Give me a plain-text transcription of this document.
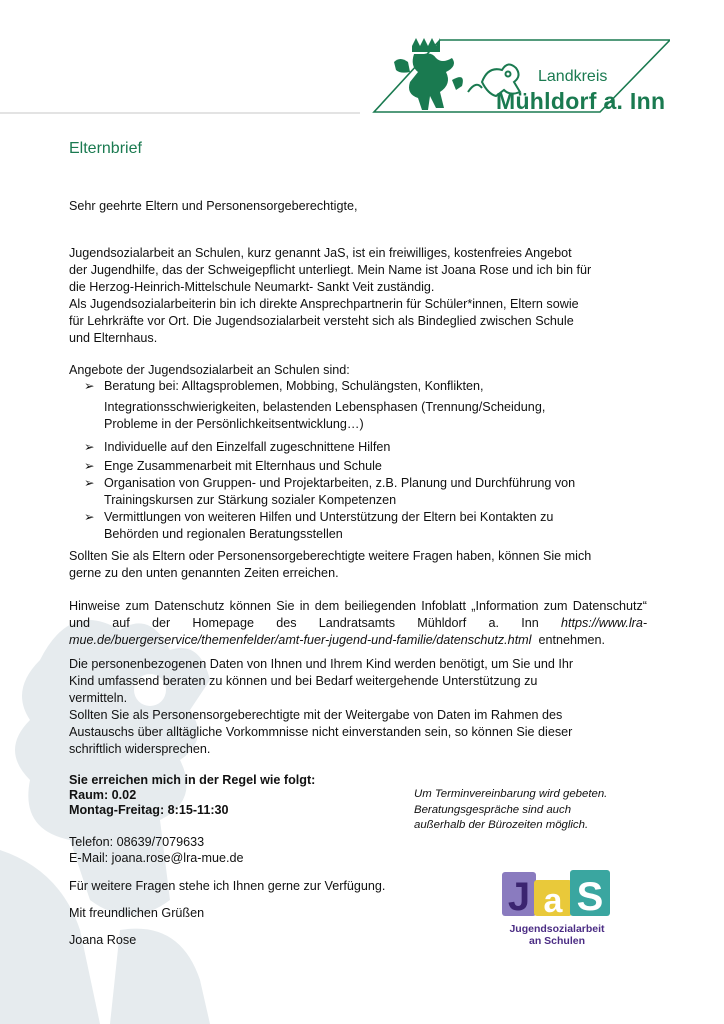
Landkreis
Mühldorf a. Inn
Elternbrief
Sehr geehrte Eltern und Personensorgeberechtigte,
Jugendsozialarbeit an Schulen, kurz genannt JaS, ist ein freiwilliges, kostenfreies Angebot
der Jugendhilfe, das der Schweigepflicht unterliegt. Mein Name ist Joana Rose und ich bin für
die Herzog-Heinrich-Mittelschule Neumarkt- Sankt Veit zuständig.
Als Jugendsozialarbeiterin bin ich direkte Ansprechpartnerin für Schüler*innen, Eltern sowie
für Lehrkräfte vor Ort. Die Jugendsozialarbeit versteht sich als Bindeglied zwischen Schule
und Elternhaus.
Angebote der Jugendsozialarbeit an Schulen sind:
➢ Beratung bei: Alltagsproblemen, Mobbing, Schulängsten, Konflikten,
Integrationsschwierigkeiten, belastenden Lebensphasen (Trennung/Scheidung,
Probleme in der Persönlichkeitsentwicklung…)
➢ Individuelle auf den Einzelfall zugeschnittene Hilfen
➢ Enge Zusammenarbeit mit Elternhaus und Schule
➢ Organisation von Gruppen- und Projektarbeiten, z.B. Planung und Durchführung von
Trainingskursen zur Stärkung sozialer Kompetenzen
➢ Vermittlungen von weiteren Hilfen und Unterstützung der Eltern bei Kontakten zu
Behörden und regionalen Beratungsstellen
Sollten Sie als Eltern oder Personensorgeberechtigte weitere Fragen haben, können Sie mich
gerne zu den unten genannten Zeiten erreichen.

Hinweise zum Datenschutz können Sie in dem beiliegenden Infoblatt „Information zum Datenschutz“ und auf der Homepage des Landratsamts Mühldorf a. Inn https://www.lra-mue.de/buergerservice/themenfelder/amt-fuer-jugend-und-familie/datenschutz.html entnehmen.

Die personenbezogenen Daten von Ihnen und Ihrem Kind werden benötigt, um Sie und Ihr
Kind umfassend beraten zu können und bei Bedarf weitergehende Unterstützung zu
vermitteln.
Sollten Sie als Personensorgeberechtigte mit der Weitergabe von Daten im Rahmen des
Austauschs über alltägliche Vorkommnisse nicht einverstanden sein, so können Sie dieser
schriftlich widersprechen.
Sie erreichen mich in der Regel wie folgt:
Raum: 0.02
Montag-Freitag: 8:15-11:30
Telefon: 08639/7079633
E-Mail: joana.rose@lra-mue.de
Um Terminvereinbarung wird gebeten.
Beratungsgespräche sind auch
außerhalb der Bürozeiten möglich.
Für weitere Fragen stehe ich Ihnen gerne zur Verfügung.
Mit freundlichen Grüßen
Joana Rose
J a S
Jugendsozialarbeit
an Schulen
